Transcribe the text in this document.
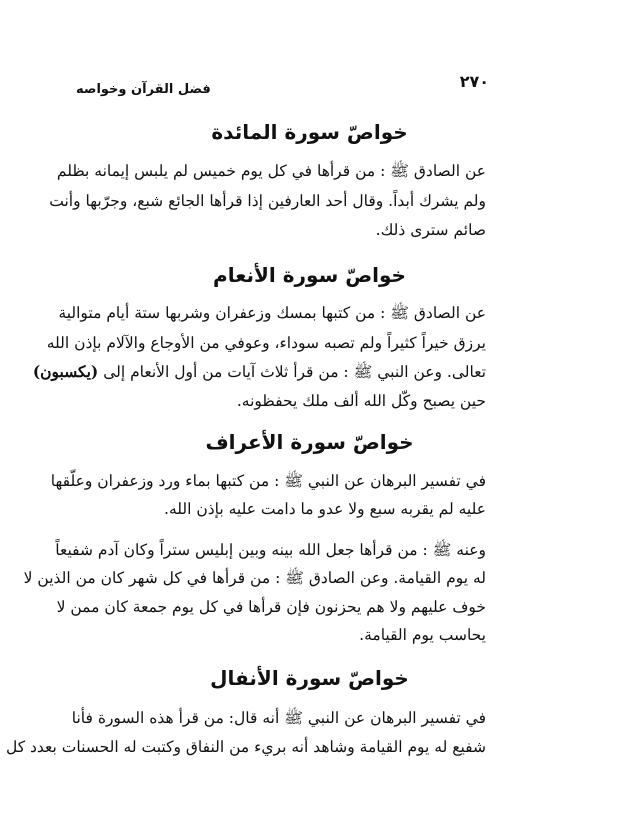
٢٧٠
فضل القرآن وخواصه
خواصّ سورة المائدة
عن الصادق ﷺ : من قرأها في كل يوم خميس لم يلبس إيمانه بظلم
ولم يشرك أبداً. وقال أحد العارفين إذا قرأها الجائع شبع، وجرّبها وأنت
صائم سترى ذلك.
خواصّ سورة الأنعام
عن الصادق ﷺ : من كتبها بمسك وزعفران وشربها ستة أيام متوالية
يرزق خيراً كثيراً ولم تصبه سوداء، وعوفي من الأوجاع والآلام بإذن الله
تعالى. وعن النبي ﷺ : من قرأ ثلاث آيات من أول الأنعام إلى (يكسبون)
حين يصبح وكّل الله ألف ملك يحفظونه.
خواصّ سورة الأعراف
في تفسير البرهان عن النبي ﷺ : من كتبها بماء ورد وزعفران وعلّقها
عليه لم يقربه سبع ولا عدو ما دامت عليه بإذن الله.
وعنه ﷺ : من قرأها جعل الله بينه وبين إبليس ستراً وكان آدم شفيعاً
له يوم القيامة. وعن الصادق ﷺ : من قرأها في كل شهر كان من الذين لا
خوف عليهم ولا هم يحزنون فإن قرأها في كل يوم جمعة كان ممن لا
يحاسب يوم القيامة.
خواصّ سورة الأنفال
في تفسير البرهان عن النبي ﷺ أنه قال: من قرأ هذه السورة فأنا
شفيع له يوم القيامة وشاهد أنه بريء من النفاق وكتبت له الحسنات بعدد كل
